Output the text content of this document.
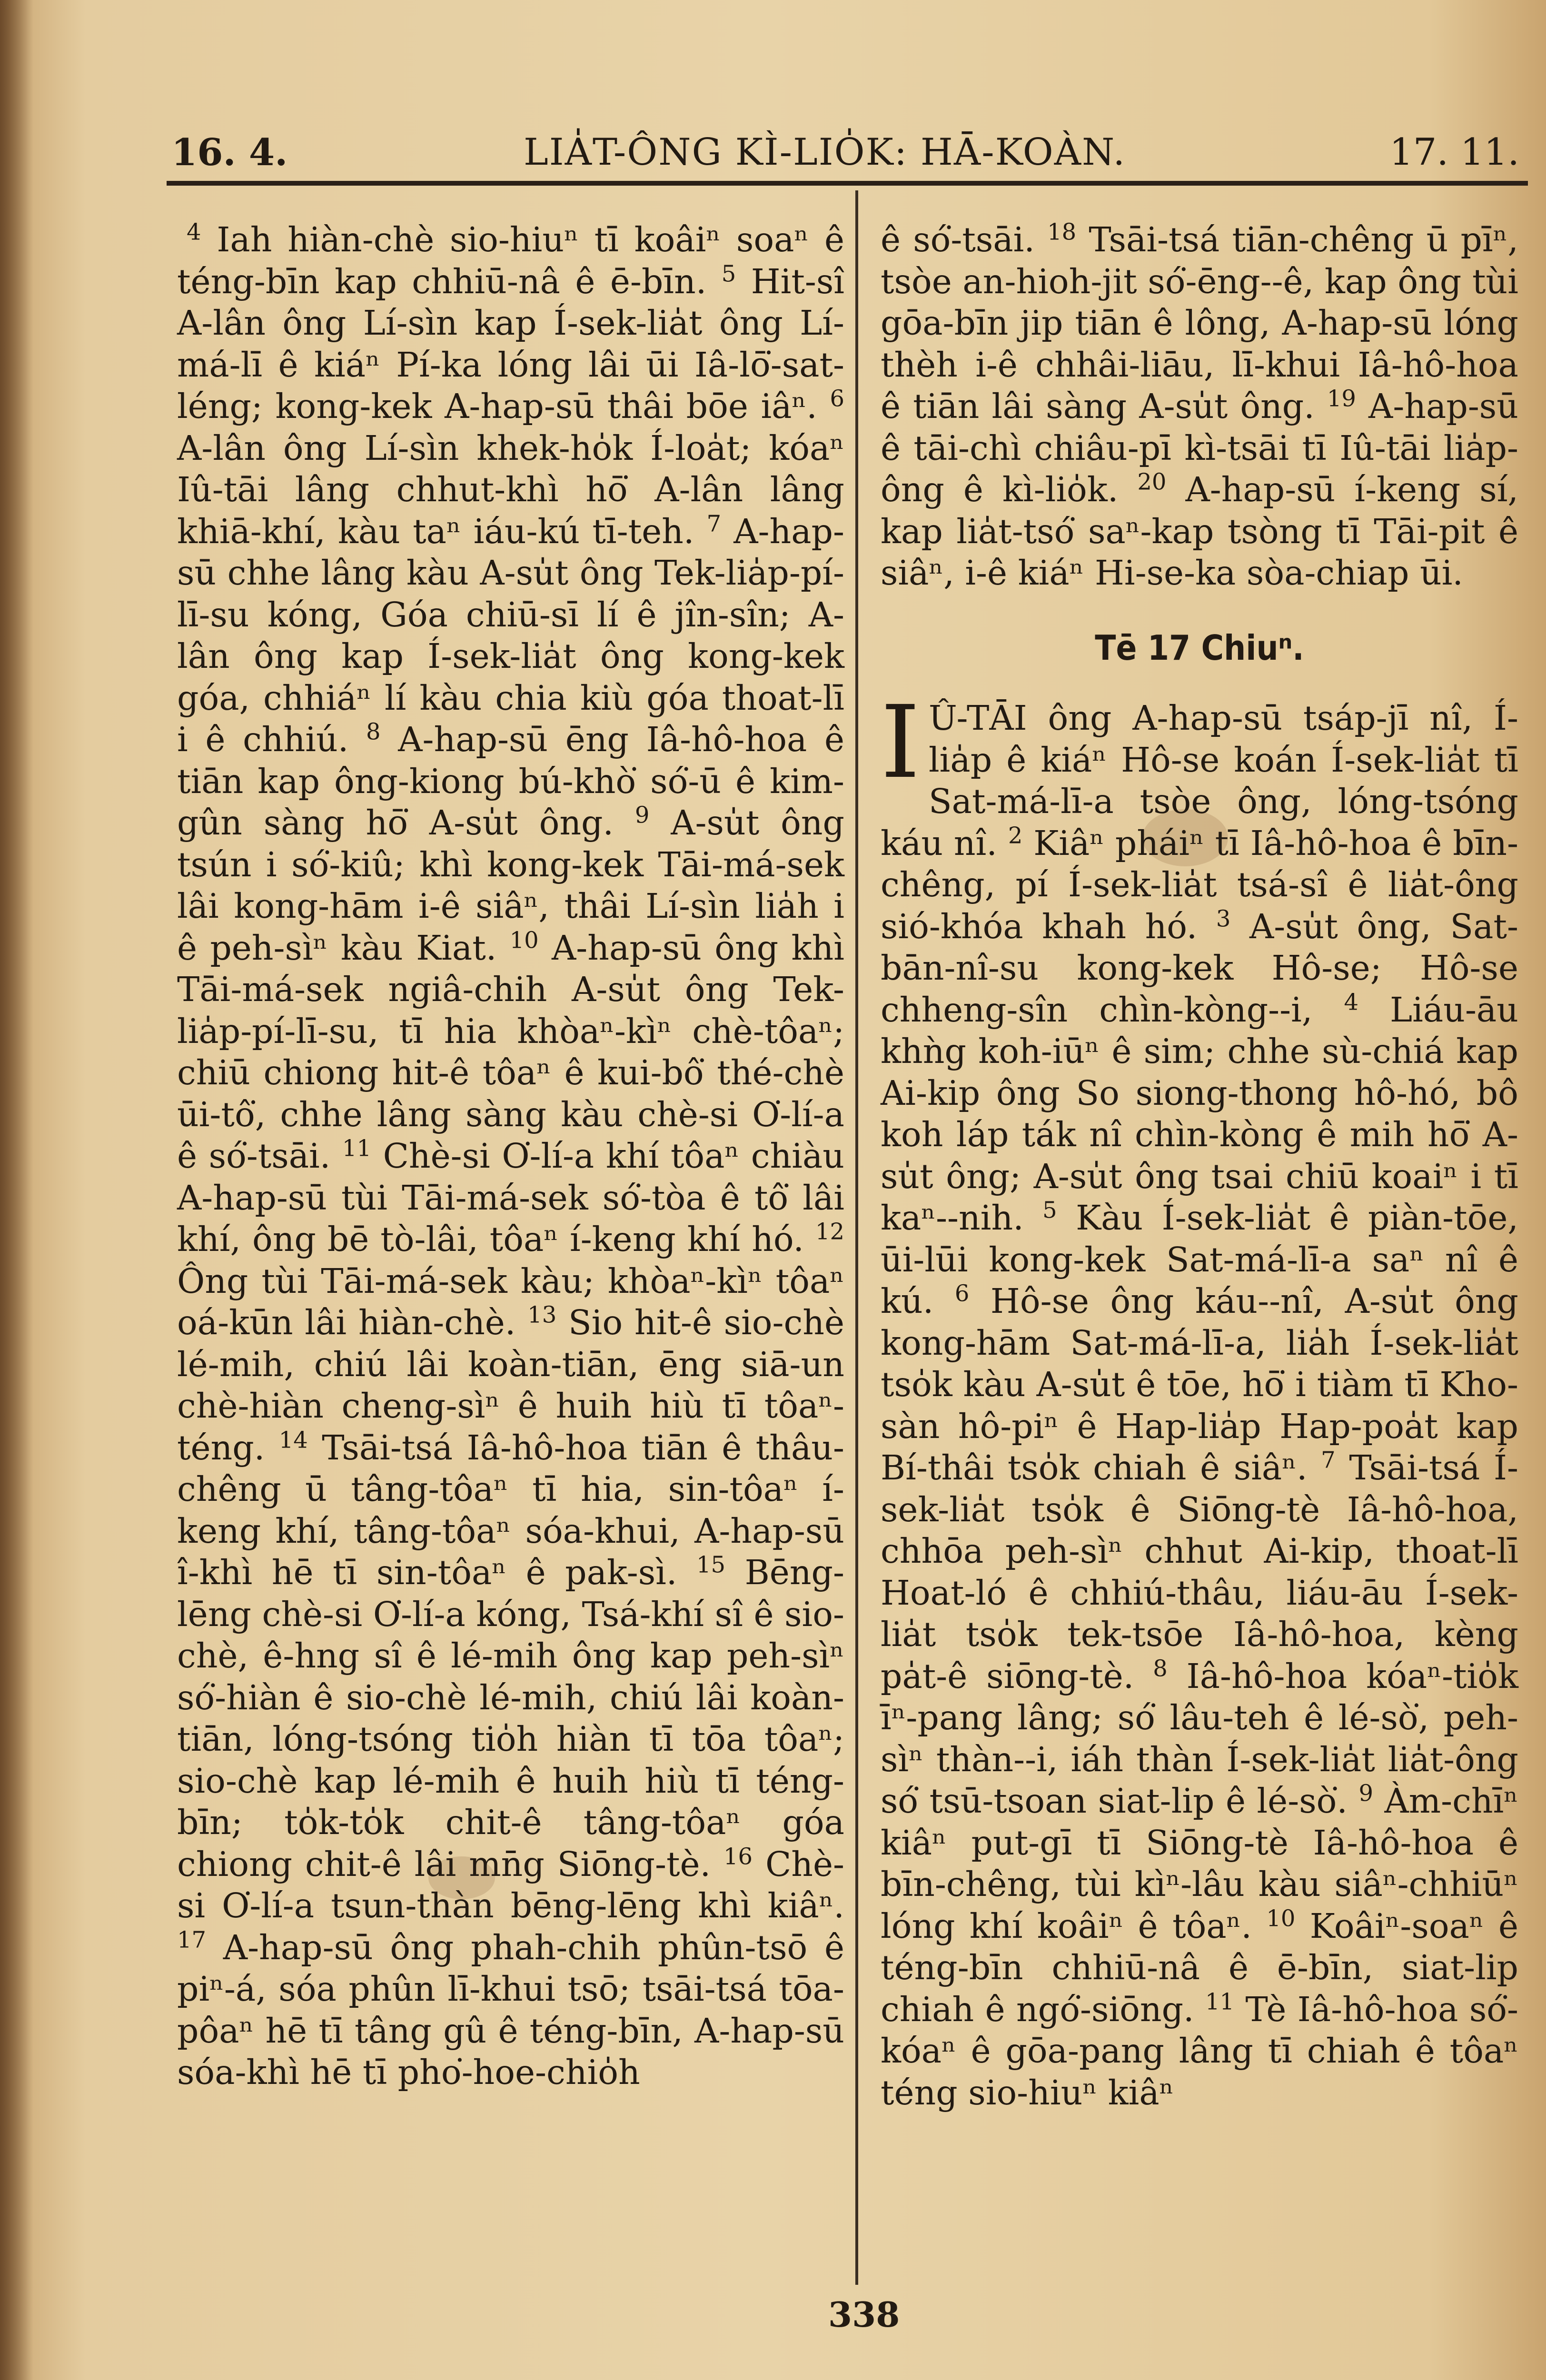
16. 4.	LIA̍T-ÔNG KÌ-LIO̍K: HĀ-KOÀN.	17. 11.

$^4$ Iah hiàn-chè sio-hiuⁿ tī koâiⁿ soaⁿ ê téng-bīn kap chhiū-nâ ê ē-bīn. $^5$ Hit-sî A-lân ông Lí-sìn kap Í-sek-lia̍t ông Lí-má-lī ê kiáⁿ Pí-ka lóng lâi ūi Iâ-lō͘-sat-léng; kong-kek A-hap-sū thâi bōe iâⁿ. $^6$ A-lân ông Lí-sìn khek-ho̍k Í-loa̍t; kóaⁿ Iû-tāi lâng chhut-khì hō͘ A-lân lâng khiā-khí, kàu taⁿ iáu-kú tī-teh. $^7$ A-hap-sū chhe lâng kàu A-su̍t ông Tek-lia̍p-pí-lī-su kóng, Góa chiū-sī lí ê jîn-sîn; A-lân ông kap Í-sek-lia̍t ông kong-kek góa, chhiáⁿ lí kàu chia kiù góa thoat-lī i ê chhiú. $^8$ A-hap-sū ēng Iâ-hô-hoa ê tiān kap ông-kiong bú-khò͘ só͘-ū ê kim-gûn sàng hō͘ A-su̍t ông. $^9$ A-su̍t ông tsún i só͘-kiû; khì kong-kek Tāi-má-sek lâi kong-hām i-ê siâⁿ, thâi Lí-sìn lia̍h i ê peh-sìⁿ kàu Kiat. $^{10}$ A-hap-sū ông khì Tāi-má-sek ngiâ-chih A-su̍t ông Tek-lia̍p-pí-lī-su, tī hia khòaⁿ-kìⁿ chè-tôaⁿ; chiū chiong hit-ê tôaⁿ ê kui-bô͘ thé-chè ūi-tô͘, chhe lâng sàng kàu chè-si O͘-lí-a ê só͘-tsāi. $^{11}$ Chè-si O͘-lí-a khí tôaⁿ chiàu A-hap-sū tùi Tāi-má-sek só͘-tòa ê tô͘ lâi khí, ông bē tò-lâi, tôaⁿ í-keng khí hó. $^{12}$ Ông tùi Tāi-má-sek kàu; khòaⁿ-kìⁿ tôaⁿ oá-kūn lâi hiàn-chè. $^{13}$ Sio hit-ê sio-chè lé-mih, chiú lâi koàn-tiān, ēng siā-un chè-hiàn cheng-sìⁿ ê huih hiù tī tôaⁿ-téng. $^{14}$ Tsāi-tsá Iâ-hô-hoa tiān ê thâu-chêng ū tâng-tôaⁿ tī hia, sin-tôaⁿ í-keng khí, tâng-tôaⁿ sóa-khui, A-hap-sū î-khì hē tī sin-tôaⁿ ê pak-sì. $^{15}$ Bēng-lēng chè-si O͘-lí-a kóng, Tsá-khí sî ê sio-chè, ê-hng sî ê lé-mih ông kap peh-sìⁿ só͘-hiàn ê sio-chè lé-mih, chiú lâi koàn-tiān, lóng-tsóng tio̍h hiàn tī tōa tôaⁿ; sio-chè kap lé-mih ê huih hiù tī téng-bīn; to̍k-to̍k chit-ê tâng-tôaⁿ góa chiong chit-ê lâi mn̄g Siōng-tè. $^{16}$ Chè-si O͘-lí-a tsun-thàn bēng-lēng khì kiâⁿ. $^{17}$ A-hap-sū ông phah-chih phûn-tsō ê piⁿ-á, sóa phûn lī-khui tsō; tsāi-tsá tōa-pôaⁿ hē tī tâng gû ê téng-bīn, A-hap-sū sóa-khì hē tī pho͘-hoe-chio̍h

ê só͘-tsāi. $^{18}$ Tsāi-tsá tiān-chêng ū pīⁿ, tsòe an-hioh-jit só͘-ēng--ê, kap ông tùi gōa-bīn jip tiān ê lông, A-hap-sū lóng thèh i-ê chhâi-liāu, lī-khui Iâ-hô-hoa ê tiān lâi sàng A-su̍t ông. $^{19}$ A-hap-sū ê tāi-chì chiâu-pī kì-tsāi tī Iû-tāi lia̍p-ông ê kì-lio̍k. $^{20}$ A-hap-sū í-keng sí, kap lia̍t-tsó͘ saⁿ-kap tsòng tī Tāi-pit ê siâⁿ, i-ê kiáⁿ Hi-se-ka sòa-chiap ūi.

Tē 17 Chiuⁿ.

I Û-TĀI ông A-hap-sū tsáp-jī nî, Í-lia̍p ê kiáⁿ Hô-se koán Í-sek-lia̍t tī Sat-má-lī-a tsòe ông, lóng-tsóng káu nî. $^2$ Kiâⁿ pháiⁿ tī Iâ-hô-hoa ê bīn-chêng, pí Í-sek-lia̍t tsá-sî ê lia̍t-ông sió-khóa khah hó. $^3$ A-su̍t ông, Sat-bān-nî-su kong-kek Hô-se; Hô-se chheng-sîn chìn-kòng--i, $^4$ Liáu-āu khǹg koh-iūⁿ ê sim; chhe sù-chiá kap Ai-kip ông So siong-thong hô-hó, bô koh láp ták nî chìn-kòng ê mih hō͘ A-su̍t ông; A-su̍t ông tsai chiū koaiⁿ i tī kaⁿ--nih. $^5$ Kàu Í-sek-lia̍t ê piàn-tōe, ūi-lūi kong-kek Sat-má-lī-a saⁿ nî ê kú. $^6$ Hô-se ông káu--nî, A-su̍t ông kong-hām Sat-má-lī-a, lia̍h Í-sek-lia̍t tso̍k kàu A-su̍t ê tōe, hō͘ i tiàm tī Kho-sàn hô-piⁿ ê Hap-lia̍p Hap-poa̍t kap Bí-thâi tso̍k chiah ê siâⁿ. $^7$ Tsāi-tsá Í-sek-lia̍t tso̍k ê Siōng-tè Iâ-hô-hoa, chhōa peh-sìⁿ chhut Ai-kip, thoat-lī Hoat-ló ê chhiú-thâu, liáu-āu Í-sek-lia̍t tso̍k tek-tsōe Iâ-hô-hoa, kèng pa̍t-ê siōng-tè. $^8$ Iâ-hô-hoa kóaⁿ-tio̍k īⁿ-pang lâng; só͘ lâu-teh ê lé-sò͘, peh-sìⁿ thàn--i, iáh thàn Í-sek-lia̍t lia̍t-ông só͘ tsū-tsoan siat-lip ê lé-sò͘. $^9$ Àm-chīⁿ kiâⁿ put-gī tī Siōng-tè Iâ-hô-hoa ê bīn-chêng, tùi kìⁿ-lâu kàu siâⁿ-chhiūⁿ lóng khí koâiⁿ ê tôaⁿ. $^{10}$ Koâiⁿ-soaⁿ ê téng-bīn chhiū-nâ ê ē-bīn, siat-lip chiah ê ngó͘-siōng. $^{11}$ Tè Iâ-hô-hoa só͘-kóaⁿ ê gōa-pang lâng tī chiah ê tôaⁿ téng sio-hiuⁿ kiâⁿ

338
